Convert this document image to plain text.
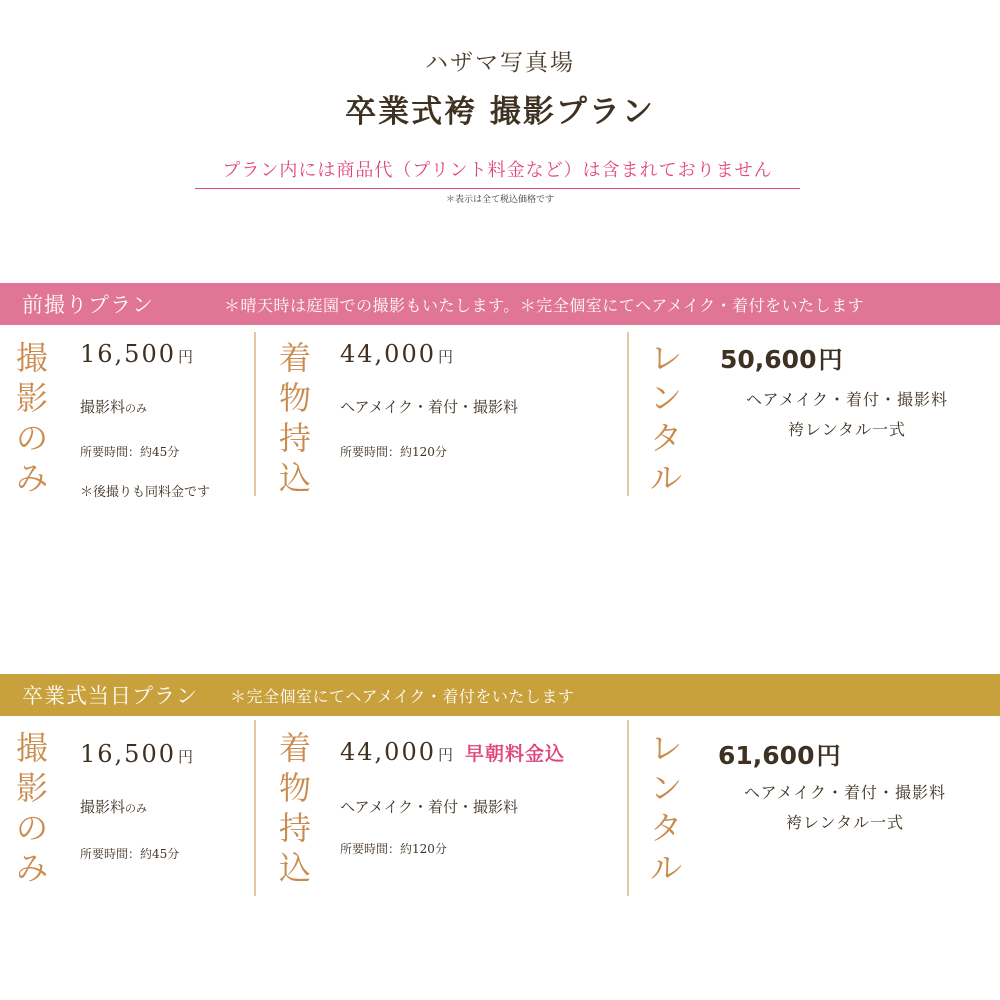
ハザマ写真場
卒業式袴 撮影プラン
プラン内には商品代（プリント料金など）は含まれておりません
＊表示は全て税込価格です
前撮りプラン	＊晴天時は庭園での撮影もいたします。＊完全個室にてヘアメイク・着付をいたします
撮
影
の
み
16,500 円
撮影料のみ
所要時間：約45分
＊後撮りも同料金です
着
物
持
込
44,000 円
ヘアメイク・着付・撮影料
所要時間：約120分
レ
ン
タ
ル
50,600円
ヘアメイク・着付・撮影料
袴レンタル一式
卒業式当日プラン ＊完全個室にてヘアメイク・着付をいたします
撮
影
の
み
16,500 円
撮影料のみ
所要時間：約45分
着
物
持
込
44,000 円 早朝料金込
ヘアメイク・着付・撮影料
所要時間：約120分
レ
ン
タ
ル
61,600円
ヘアメイク・着付・撮影料
袴レンタル一式
